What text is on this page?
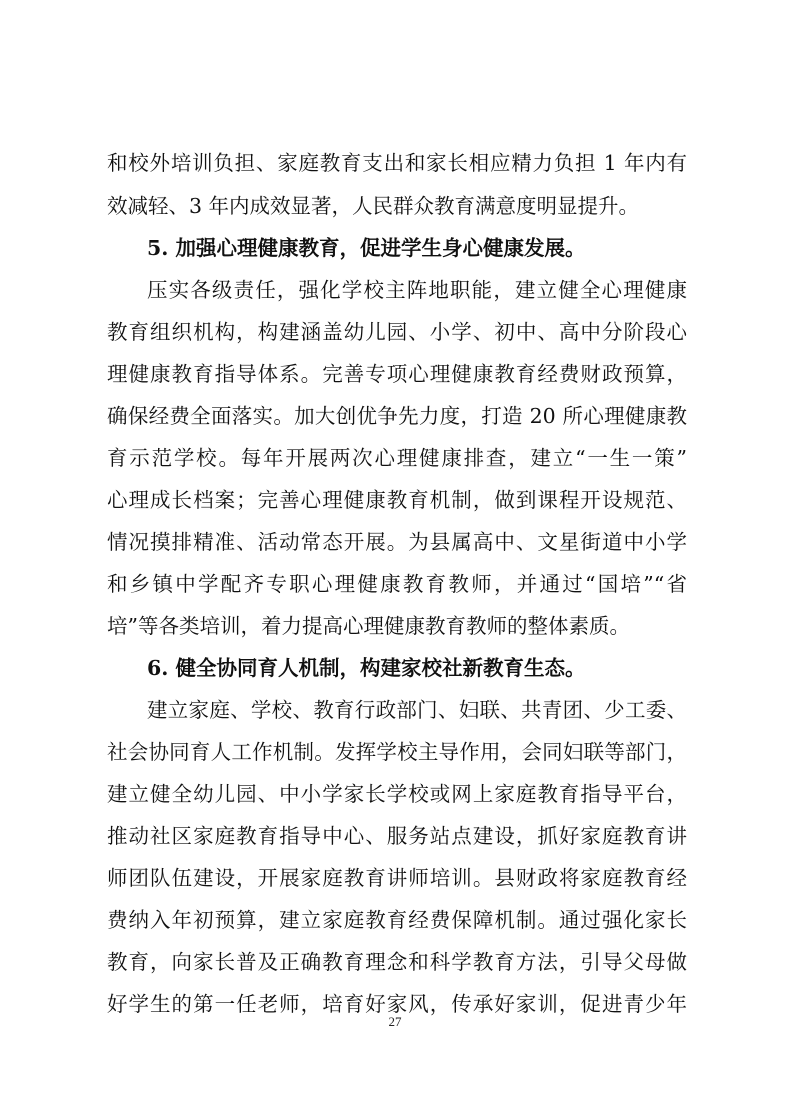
和校外培训负担、家庭教育支出和家长相应精力负担 1 年内有
效减轻、3 年内成效显著，人民群众教育满意度明显提升。
5. 加强心理健康教育，促进学生身心健康发展。
压实各级责任，强化学校主阵地职能，建立健全心理健康
教育组织机构，构建涵盖幼儿园、小学、初中、高中分阶段心
理健康教育指导体系。完善专项心理健康教育经费财政预算，
确保经费全面落实。加大创优争先力度，打造 20 所心理健康教
育示范学校。每年开展两次心理健康排查，建立“一生一策”
心理成长档案；完善心理健康教育机制，做到课程开设规范、
情况摸排精准、活动常态开展。为县属高中、文星街道中小学
和乡镇中学配齐专职心理健康教育教师，并通过“国培”“省
培”等各类培训，着力提高心理健康教育教师的整体素质。
6. 健全协同育人机制，构建家校社新教育生态。
建立家庭、学校、教育行政部门、妇联、共青团、少工委、
社会协同育人工作机制。发挥学校主导作用，会同妇联等部门，
建立健全幼儿园、中小学家长学校或网上家庭教育指导平台，
推动社区家庭教育指导中心、服务站点建设，抓好家庭教育讲
师团队伍建设，开展家庭教育讲师培训。县财政将家庭教育经
费纳入年初预算，建立家庭教育经费保障机制。通过强化家长
教育，向家长普及正确教育理念和科学教育方法，引导父母做
好学生的第一任老师，培育好家风，传承好家训，促进青少年
27
